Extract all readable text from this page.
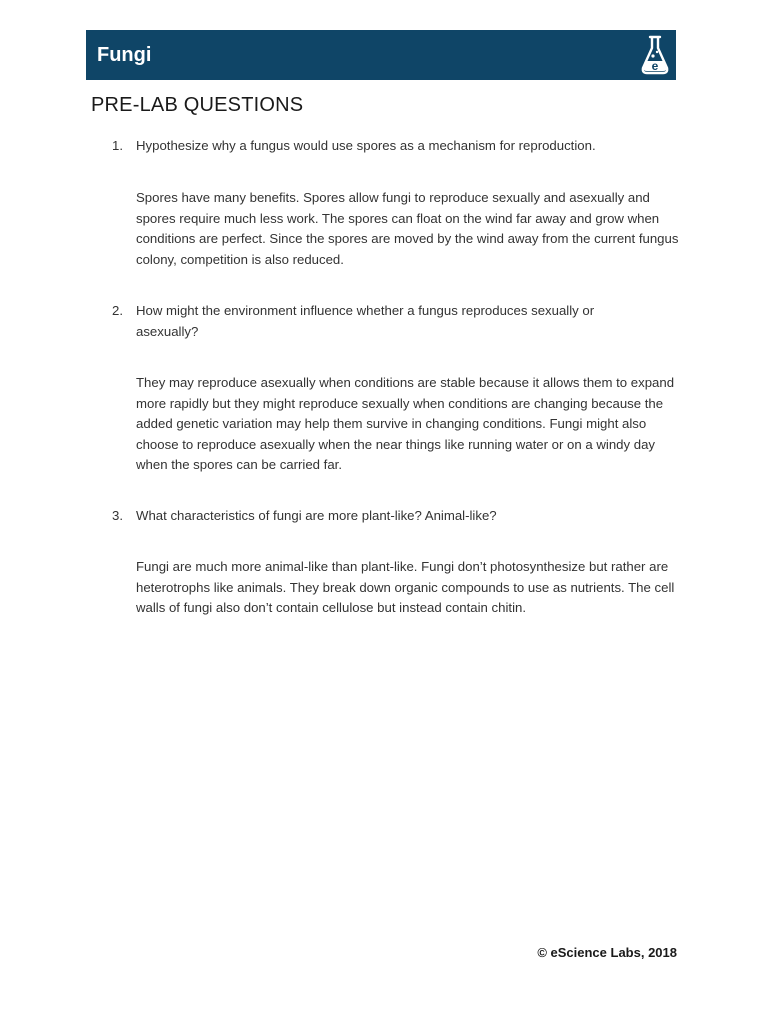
Fungi	e
PRE-LAB QUESTIONS
1. Hypothesize why a fungus would use spores as a mechanism for reproduction.

Spores have many benefits. Spores allow fungi to reproduce sexually and asexually and spores require much less work. The spores can float on the wind far away and grow when conditions are perfect. Since the spores are moved by the wind away from the current fungus colony, competition is also reduced.

2. How might the environment influence whether a fungus reproduces sexually or asexually?

They may reproduce asexually when conditions are stable because it allows them to expand more rapidly but they might reproduce sexually when conditions are changing because the added genetic variation may help them survive in changing conditions. Fungi might also choose to reproduce asexually when the near things like running water or on a windy day when the spores can be carried far.

3. What characteristics of fungi are more plant-like? Animal-like?

Fungi are much more animal-like than plant-like. Fungi don’t photosynthesize but rather are heterotrophs like animals. They break down organic compounds to use as nutrients. The cell walls of fungi also don’t contain cellulose but instead contain chitin.

© eScience Labs, 2018
